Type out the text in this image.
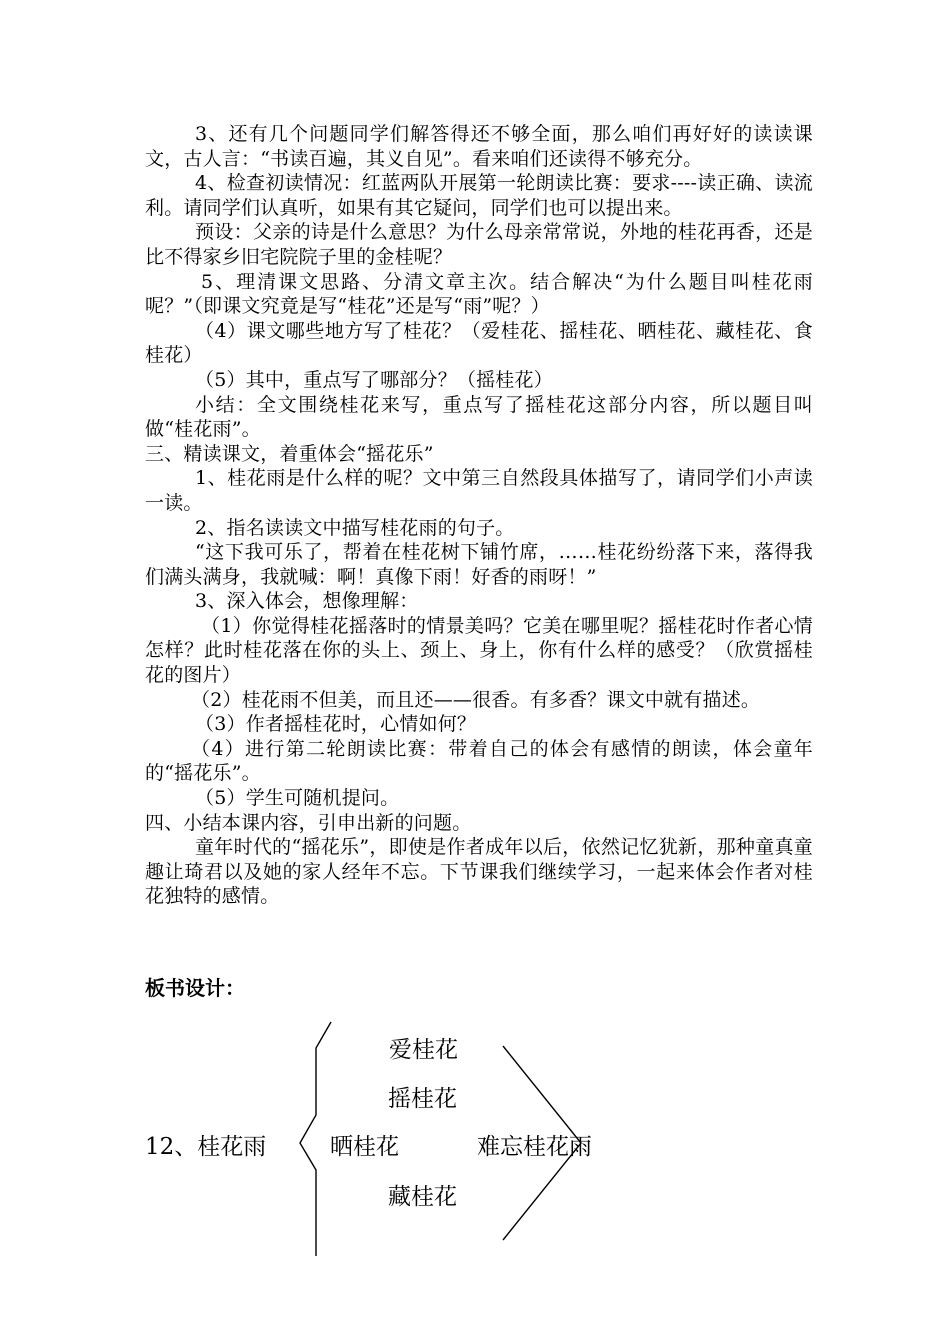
3、还有几个问题同学们解答得还不够全面，那么咱们再好好的读读课文，古人言：“书读百遍，其义自见”。看来咱们还读得不够充分。

4、检查初读情况：红蓝两队开展第一轮朗读比赛：要求----读正确、读流利。请同学们认真听，如果有其它疑问，同学们也可以提出来。

预设：父亲的诗是什么意思？为什么母亲常常说，外地的桂花再香，还是比不得家乡旧宅院院子里的金桂呢？

5、理清课文思路、分清文章主次。结合解决“为什么题目叫桂花雨呢？”（即课文究竟是写“桂花”还是写“雨”呢？）

（4）课文哪些地方写了桂花？（爱桂花、摇桂花、晒桂花、藏桂花、食桂花）

（5）其中，重点写了哪部分？（摇桂花）

小结：全文围绕桂花来写，重点写了摇桂花这部分内容，所以题目叫做“桂花雨”。

三、精读课文，着重体会“摇花乐”

1、桂花雨是什么样的呢？文中第三自然段具体描写了，请同学们小声读一读。

2、指名读读文中描写桂花雨的句子。

“这下我可乐了，帮着在桂花树下铺竹席，……桂花纷纷落下来，落得我们满头满身，我就喊：啊！真像下雨！好香的雨呀！”

3、深入体会，想像理解：

（1）你觉得桂花摇落时的情景美吗？它美在哪里呢？摇桂花时作者心情怎样？此时桂花落在你的头上、颈上、身上，你有什么样的感受？（欣赏摇桂花的图片）

（2）桂花雨不但美，而且还——很香。有多香？课文中就有描述。

（3）作者摇桂花时，心情如何？

（4）进行第二轮朗读比赛：带着自己的体会有感情的朗读，体会童年的“摇花乐”。

（5）学生可随机提问。

四、小结本课内容，引申出新的问题。

童年时代的“摇花乐”，即使是作者成年以后，依然记忆犹新，那种童真童趣让琦君以及她的家人经年不忘。下节课我们继续学习，一起来体会作者对桂花独特的感情。

板书设计：
12、桂花雨
爱桂花
摇桂花
晒桂花
藏桂花
难忘桂花雨
